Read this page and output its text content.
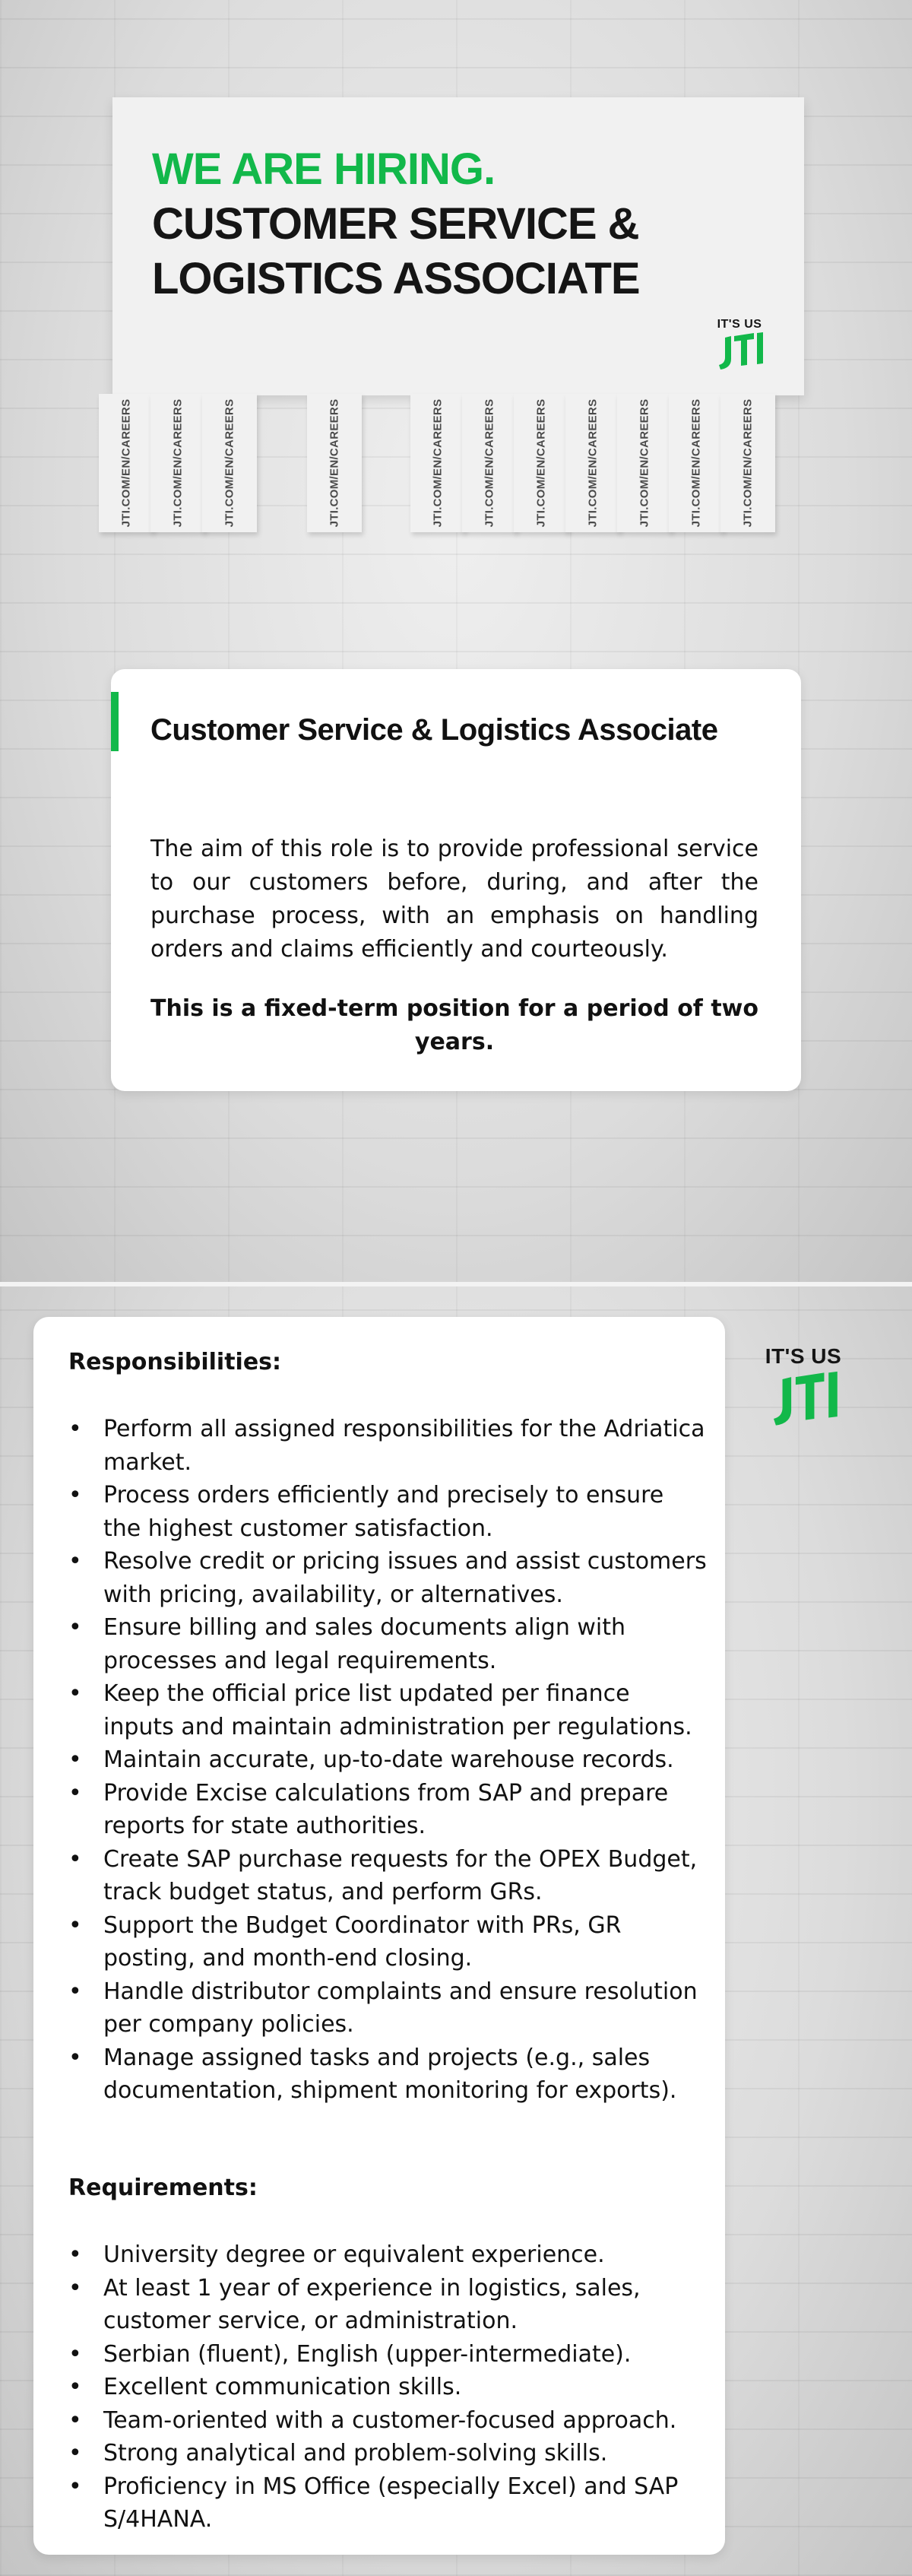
WE ARE HIRING.
CUSTOMER SERVICE &
LOGISTICS ASSOCIATE
IT'S US
JTI.COM/EN/CAREERS	JTI.COM/EN/CAREERS	JTI.COM/EN/CAREERS	JTI.COM/EN/CAREERS	JTI.COM/EN/CAREERS	JTI.COM/EN/CAREERS	JTI.COM/EN/CAREERS	JTI.COM/EN/CAREERS	JTI.COM/EN/CAREERS	JTI.COM/EN/CAREERS	JTI.COM/EN/CAREERS
Customer Service & Logistics Associate

The aim of this role is to provide professional service to our customers before, during, and after the purchase process, with an emphasis on handling orders and claims efficiently and courteously.

This is a fixed-term position for a period of two years.

Responsibilities:
• Perform all assigned responsibilities for the Adriatica market.
• Process orders efficiently and precisely to ensure the highest customer satisfaction.
• Resolve credit or pricing issues and assist customers with pricing, availability, or alternatives.
• Ensure billing and sales documents align with processes and legal requirements.
• Keep the official price list updated per finance inputs and maintain administration per regulations.
• Maintain accurate, up-to-date warehouse records.
• Provide Excise calculations from SAP and prepare reports for state authorities.
• Create SAP purchase requests for the OPEX Budget, track budget status, and perform GRs.
• Support the Budget Coordinator with PRs, GR posting, and month-end closing.
• Handle distributor complaints and ensure resolution per company policies.
• Manage assigned tasks and projects (e.g., sales documentation, shipment monitoring for exports).
Requirements:
• University degree or equivalent experience.
• At least 1 year of experience in logistics, sales, customer service, or administration.
• Serbian (fluent), English (upper-intermediate).
• Excellent communication skills.
• Team-oriented with a customer-focused approach.
• Strong analytical and problem-solving skills.
• Proficiency in MS Office (especially Excel) and SAP S/4HANA.
IT'S US
